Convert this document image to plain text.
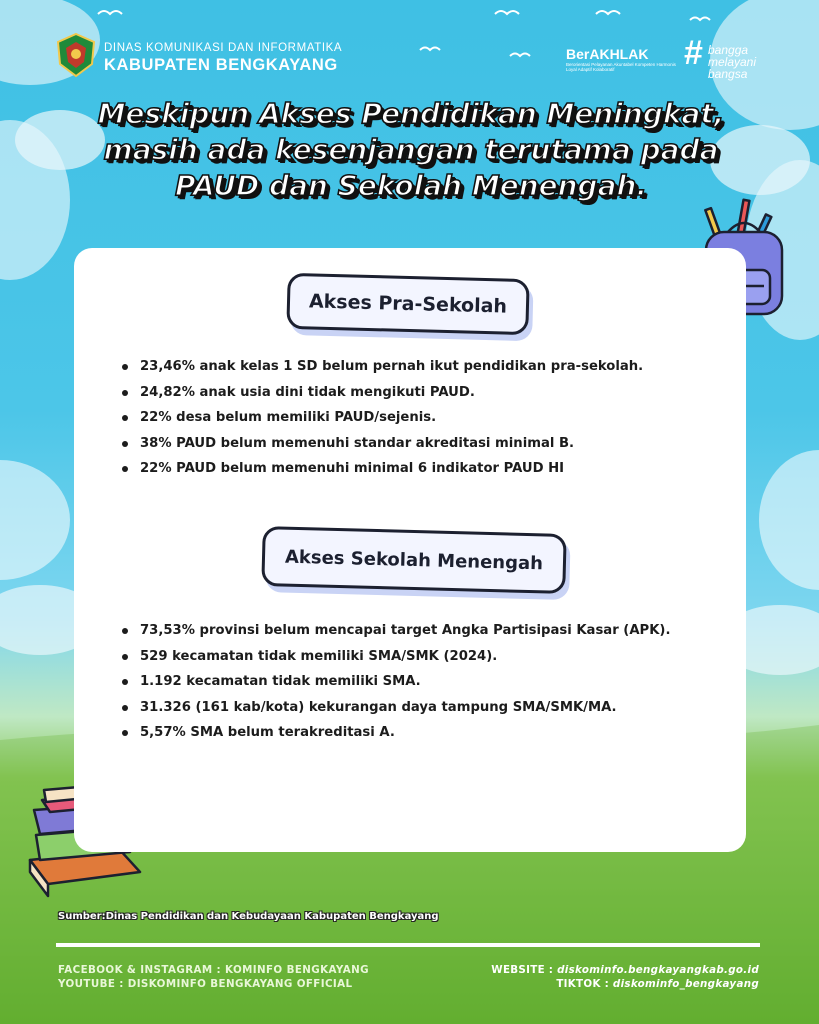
DINAS KOMUNIKASI DAN INFORMATIKA
KABUPATEN BENGKAYANG
BerAKHLAK
Berorientasi Pelayanan Akuntabel Kompeten Harmonis Loyal Adaptif Kolaboratif	# bangga
melayani
bangsa
Meskipun Akses Pendidikan Meningkat,
masih ada kesenjangan terutama pada
PAUD dan Sekolah Menengah.
Akses Pra-Sekolah
23,46% anak kelas 1 SD belum pernah ikut pendidikan pra-sekolah.
24,82% anak usia dini tidak mengikuti PAUD.
22% desa belum memiliki PAUD/sejenis.
38% PAUD belum memenuhi standar akreditasi minimal B.
22% PAUD belum memenuhi minimal 6 indikator PAUD HI
Akses Sekolah Menengah
73,53% provinsi belum mencapai target Angka Partisipasi Kasar (APK).
529 kecamatan tidak memiliki SMA/SMK (2024).
1.192 kecamatan tidak memiliki SMA.
31.326 (161 kab/kota) kekurangan daya tampung SMA/SMK/MA.
5,57% SMA belum terakreditasi A.
Sumber:Dinas Pendidikan dan Kebudayaan Kabupaten Bengkayang
FACEBOOK & INSTAGRAM : KOMINFO BENGKAYANG
YOUTUBE : DISKOMINFO BENGKAYANG OFFICIAL
WEBSITE : diskominfo.bengkayangkab.go.id
TIKTOK : diskominfo_bengkayang
